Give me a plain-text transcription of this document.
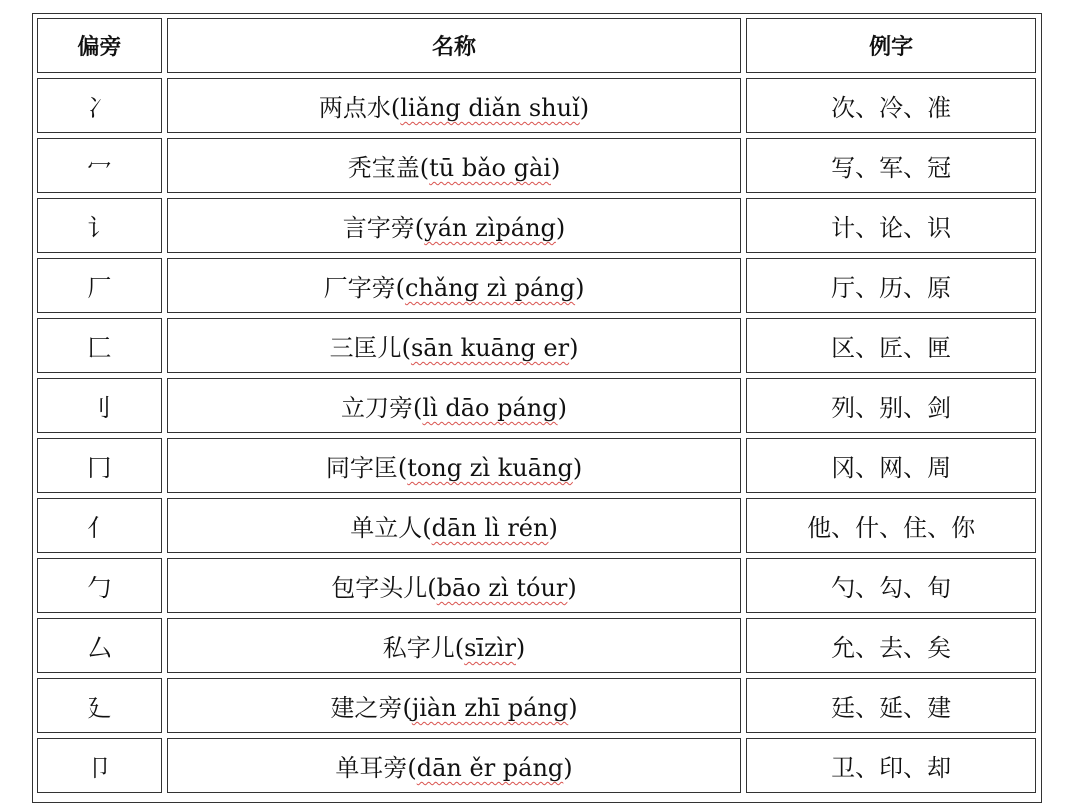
偏旁	名称	例字
冫	两点水(liǎng diǎn shuǐ)	次、冷、准
冖	秃宝盖(tū bǎo gài)	写、军、冠
讠	言字旁(yán zìpáng)	计、论、识
厂	厂字旁(chǎng zì páng)	厅、历、原
匚	三匡儿(sān kuāng er)	区、匠、匣
刂	立刀旁(lì dāo páng)	列、别、剑
冂	同字匡(tong zì kuāng)	冈、网、周
亻	单立人(dān lì rén)	他、什、住、你
勹	包字头儿(bāo zì tóur)	勺、勾、旬
厶	私字儿(sīzìr)	允、去、矣
廴	建之旁(jiàn zhī páng)	廷、延、建
卩	单耳旁(dān ěr páng)	卫、印、却
